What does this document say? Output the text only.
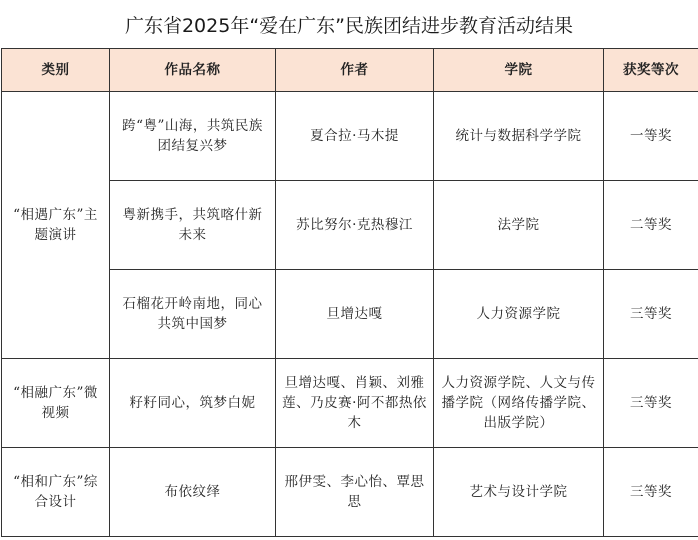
广东省2025年“爱在广东”民族团结进步教育活动结果
类别	作品名称	作者	学院	获奖等次
“相遇广东”主题演讲	跨“粤”山海，共筑民族团结复兴梦	夏合拉·马木提	统计与数据科学学院	一等奖
	粤新携手，共筑喀什新未来	苏比努尔·克热穆江	法学院	二等奖
	石榴花开岭南地，同心共筑中国梦	旦增达嘎	人力资源学院	三等奖
“相融广东”微视频	籽籽同心，筑梦白妮	旦增达嘎、肖颖、刘雅莲、乃皮赛·阿不都热依木	人力资源学院、人文与传播学院（网络传播学院、出版学院）	三等奖
“相和广东”综合设计	布依纹绎	邢伊雯、李心怡、覃思思	艺术与设计学院	三等奖
